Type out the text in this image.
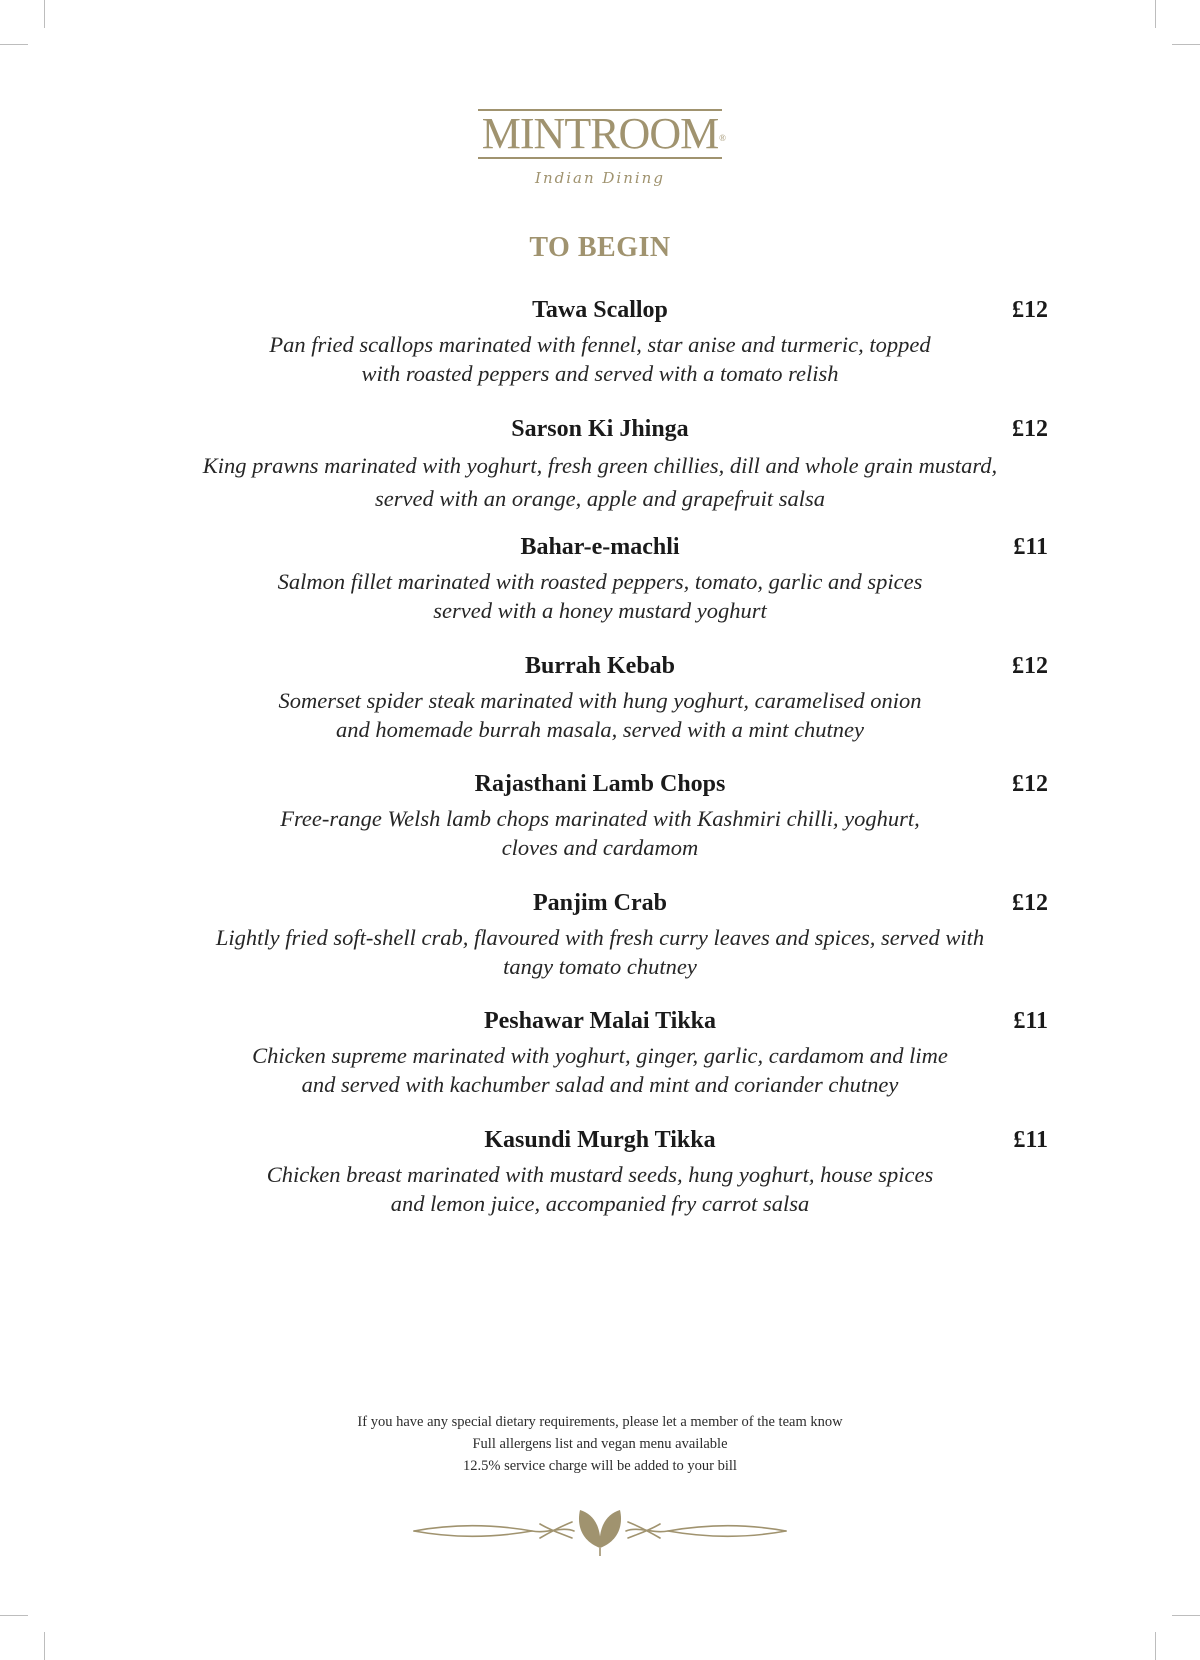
MINTROOM ®
Indian Dining
TO BEGIN
Tawa Scallop	£12
Pan fried scallops marinated with fennel, star anise and turmeric, topped
with roasted peppers and served with a tomato relish
Sarson Ki Jhinga	£12
King prawns marinated with yoghurt, fresh green chillies, dill and whole grain mustard,
served with an orange, apple and grapefruit salsa
Bahar-e-machli	£11
Salmon fillet marinated with roasted peppers, tomato, garlic and spices
served with a honey mustard yoghurt
Burrah Kebab	£12
Somerset spider steak marinated with hung yoghurt, caramelised onion
and homemade burrah masala, served with a mint chutney
Rajasthani Lamb Chops	£12
Free-range Welsh lamb chops marinated with Kashmiri chilli, yoghurt,
cloves and cardamom
Panjim Crab	£12
Lightly fried soft-shell crab, flavoured with fresh curry leaves and spices, served with
tangy tomato chutney
Peshawar Malai Tikka	£11
Chicken supreme marinated with yoghurt, ginger, garlic, cardamom and lime
and served with kachumber salad and mint and coriander chutney
Kasundi Murgh Tikka	£11
Chicken breast marinated with mustard seeds, hung yoghurt, house spices
and lemon juice, accompanied fry carrot salsa
If you have any special dietary requirements, please let a member of the team know
Full allergens list and vegan menu available
12.5% service charge will be added to your bill
